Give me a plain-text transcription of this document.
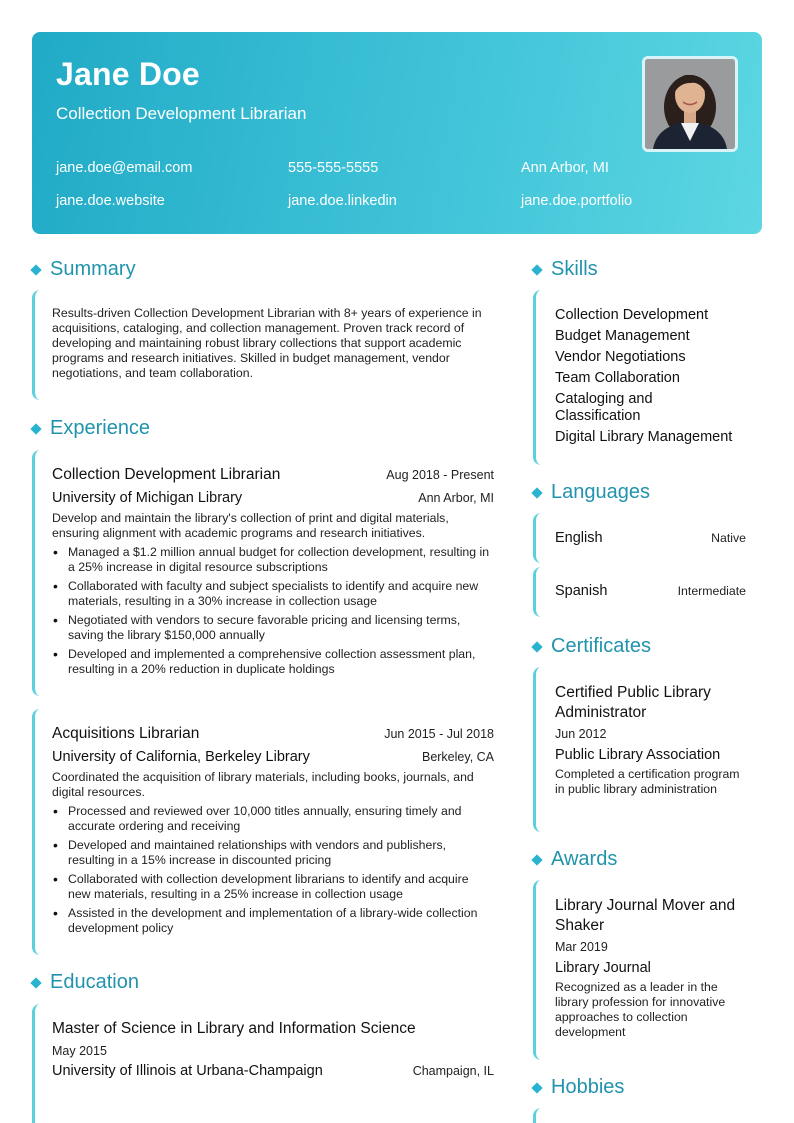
Jane Doe
Collection Development Librarian
jane.doe@email.com	555-555-5555	Ann Arbor, MI
jane.doe.website	jane.doe.linkedin	jane.doe.portfolio
Summary
Results-driven Collection Development Librarian with 8+ years of experience in acquisitions, cataloging, and collection management. Proven track record of developing and maintaining robust library collections that support academic programs and research initiatives. Skilled in budget management, vendor negotiations, and team collaboration.
Experience
Collection Development Librarian	Aug 2018 - Present
University of Michigan Library	Ann Arbor, MI
Develop and maintain the library's collection of print and digital materials, ensuring alignment with academic programs and research initiatives.
• Managed a $1.2 million annual budget for collection development, resulting in a 25% increase in digital resource subscriptions
• Collaborated with faculty and subject specialists to identify and acquire new materials, resulting in a 30% increase in collection usage
• Negotiated with vendors to secure favorable pricing and licensing terms, saving the library $150,000 annually
• Developed and implemented a comprehensive collection assessment plan, resulting in a 20% reduction in duplicate holdings
Acquisitions Librarian	Jun 2015 - Jul 2018
University of California, Berkeley Library	Berkeley, CA
Coordinated the acquisition of library materials, including books, journals, and digital resources.
• Processed and reviewed over 10,000 titles annually, ensuring timely and accurate ordering and receiving
• Developed and maintained relationships with vendors and publishers, resulting in a 15% increase in discounted pricing
• Collaborated with collection development librarians to identify and acquire new materials, resulting in a 25% increase in collection usage
• Assisted in the development and implementation of a library-wide collection development policy
Education
Master of Science in Library and Information Science
May 2015
University of Illinois at Urbana-Champaign	Champaign, IL
Skills
Collection Development
Budget Management
Vendor Negotiations
Team Collaboration
Cataloging and Classification
Digital Library Management
Languages
English	Native
Spanish	Intermediate
Certificates
Certified Public Library Administrator
Jun 2012
Public Library Association
Completed a certification program in public library administration
Awards
Library Journal Mover and Shaker
Mar 2019
Library Journal
Recognized as a leader in the library profession for innovative approaches to collection development
Hobbies
